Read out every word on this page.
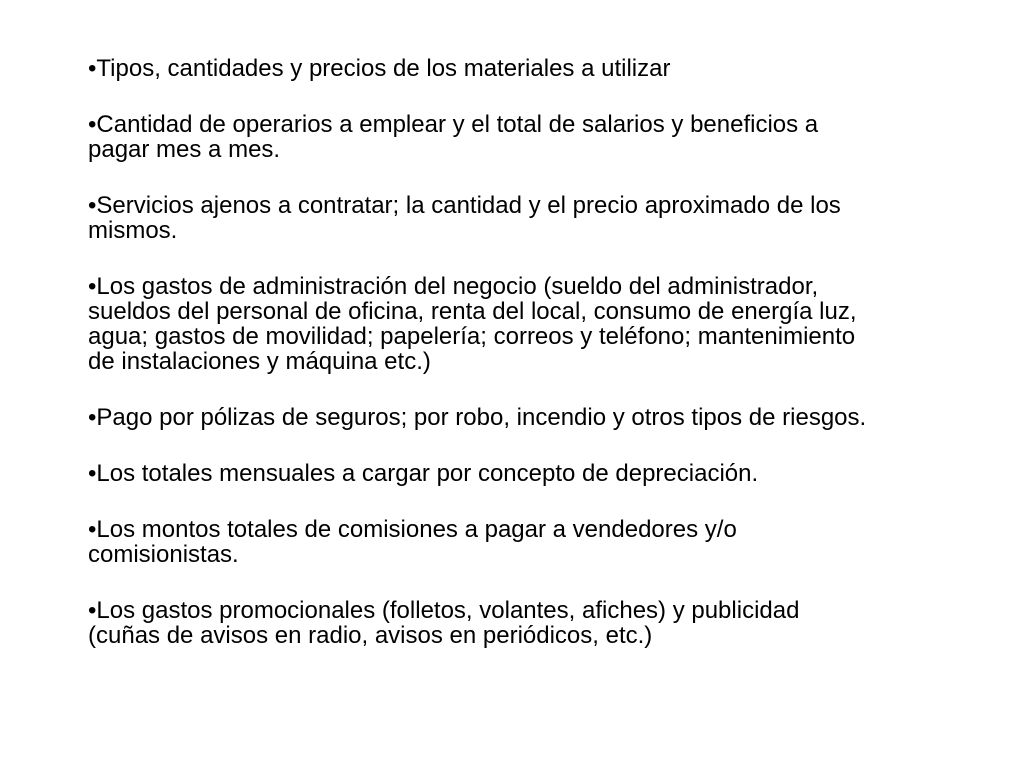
•Tipos, cantidades y precios de los materiales a utilizar

•Cantidad de operarios a emplear y el total de salarios y beneficios a
pagar mes a mes.

•Servicios ajenos a contratar; la cantidad y el precio aproximado de los
mismos.

•Los gastos de administración del negocio (sueldo del administrador,
sueldos del personal de oficina, renta del local, consumo de energía luz,
agua; gastos de movilidad; papelería; correos y teléfono; mantenimiento
de instalaciones y máquina etc.)

•Pago por pólizas de seguros; por robo, incendio y otros tipos de riesgos.

•Los totales mensuales a cargar por concepto de depreciación.

•Los montos totales de comisiones a pagar a vendedores y/o
comisionistas.

•Los gastos promocionales (folletos, volantes, afiches) y publicidad
(cuñas de avisos en radio, avisos en periódicos, etc.)
